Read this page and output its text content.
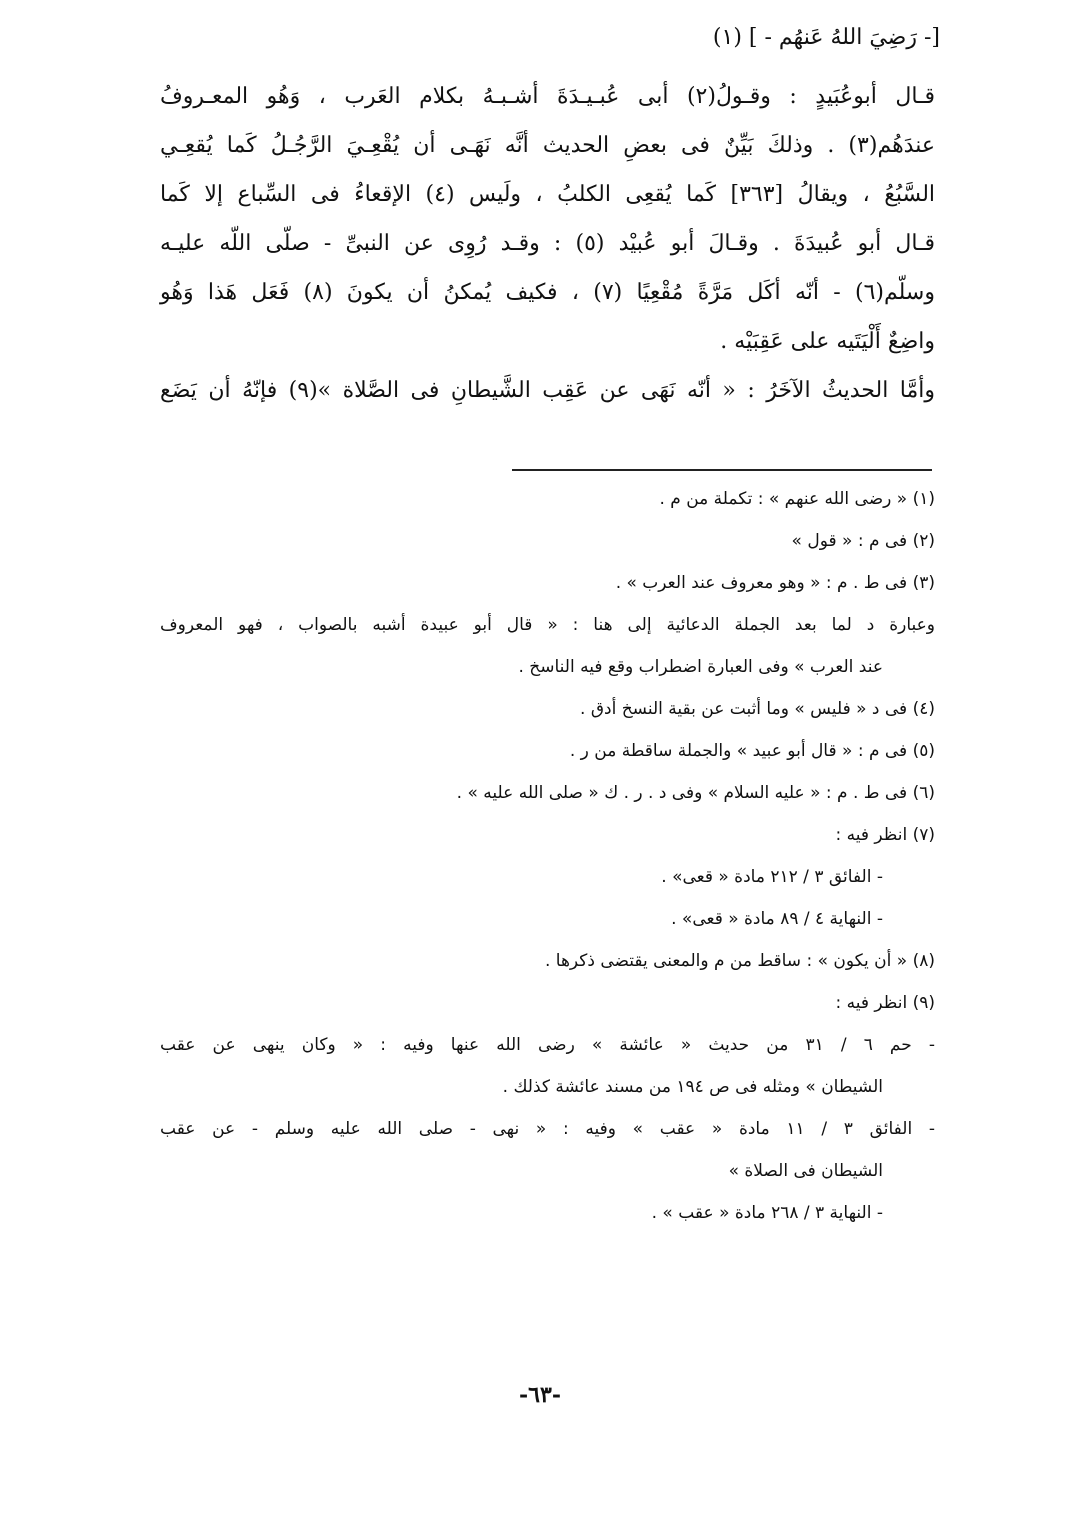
[- رَضِيَ اللهُ عَنهُم - ] (١)
قـال أبوعُبَيدٍ : وقـولُ(٢) أبى عُبـيـدَةَ أشـبـهُ بكلام العَرب ، وَهُو المعـروفُ
عندَهُم(٣) . وذلكَ بَيِّنٌ فى بعضِ الحديث أنَّه نَهَـى أن يُقْعِـيَ الرَّجُـلُ كَما يُقعِـي
السَّبُعُ ، ويقالُ [٣٦٣] كَما يُقعِى الكلبُ ، ولَيس (٤) الإقعاءُ فى السِّباع إلا كَما
قـال أبو عُبيدَةَ . وقـالَ أبو عُبيْد (٥) : وقـد رُوِى عن النبىِّ - صلّى اللّه عليـه
وسلّم(٦) - أنّه أكَل مَرَّةً مُقْعِيًا (٧) ، فكيف يُمكنُ أن يكونَ (٨) فَعَل هَذا وَهُو
واضِعٌ أَلْيَتَيه على عَقِبَيْه .
وأمَّا الحديثُ الآخَرُ : « أنّه نَهَى عن عَقِب الشَّيطانِ فى الصَّلاة »(٩) فإنّهُ أن يَضَع
(١) « رضى الله عنهم » : تكملة من م .
(٢) فى م : « قول »
(٣) فى ط . م : « وهو معروف عند العرب » .
وعبارة د لما بعد الجملة الدعائية إلى هنا : « قال أبو عبيدة أشبه بالصواب ، فهو المعروف
عند العرب » وفى العبارة اضطراب وقع فيه الناسخ .
(٤) فى د « فليس » وما أثبت عن بقية النسخ أدق .
(٥) فى م : « قال أبو عبيد » والجملة ساقطة من ر .
(٦) فى ط . م : « عليه السلام » وفى د . ر . ك « صلى الله عليه » .
(٧) انظر فيه :
- الفائق ٣ / ٢١٢ مادة « قعى» .
- النهاية ٤ / ٨٩ مادة « قعى» .
(٨) « أن يكون » : ساقط من م والمعنى يقتضى ذكرها .
(٩) انظر فيه :
- حم ٦ / ٣١ من حديث « عائشة » رضى الله عنها وفيه : « وكان ينهى عن عقب
الشيطان » ومثله فى ص ١٩٤ من مسند عائشة كذلك .
- الفائق ٣ / ١١ مادة « عقب » وفيه : « نهى - صلى الله عليه وسلم - عن عقب
الشيطان فى الصلاة »
- النهاية ٣ / ٢٦٨ مادة « عقب » .
-٦٣-
